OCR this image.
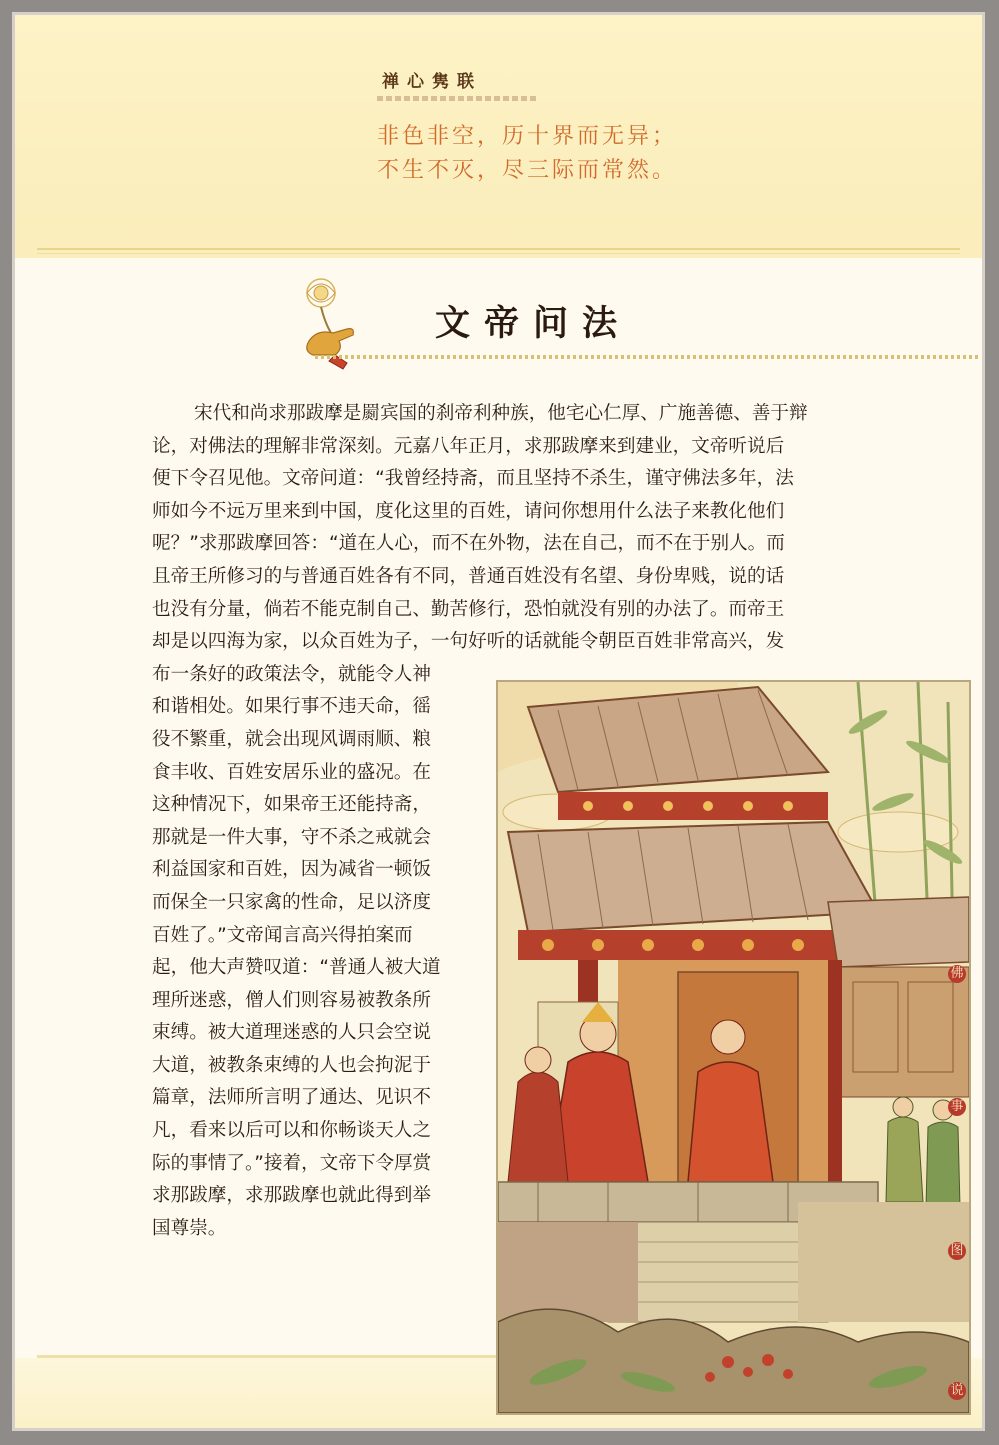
禅心隽联
非色非空，历十界而无异；
不生不灭，尽三际而常然。
文帝问法
宋代和尚求那跋摩是罽宾国的刹帝利种族，他宅心仁厚、广施善德、善于辩
论，对佛法的理解非常深刻。元嘉八年正月，求那跋摩来到建业，文帝听说后
便下令召见他。文帝问道：“我曾经持斋，而且坚持不杀生，谨守佛法多年，法
师如今不远万里来到中国，度化这里的百姓，请问你想用什么法子来教化他们
呢？”求那跋摩回答：“道在人心，而不在外物，法在自己，而不在于别人。而
且帝王所修习的与普通百姓各有不同，普通百姓没有名望、身份卑贱，说的话
也没有分量，倘若不能克制自己、勤苦修行，恐怕就没有别的办法了。而帝王
却是以四海为家，以众百姓为子，一句好听的话就能令朝臣百姓非常高兴，发
布一条好的政策法令，就能令人神
和谐相处。如果行事不违天命，徭
役不繁重，就会出现风调雨顺、粮
食丰收、百姓安居乐业的盛况。在
这种情况下，如果帝王还能持斋，
那就是一件大事，守不杀之戒就会
利益国家和百姓，因为减省一顿饭
而保全一只家禽的性命，足以济度
百姓了。”文帝闻言高兴得拍案而
起，他大声赞叹道：“普通人被大道
理所迷惑，僧人们则容易被教条所
束缚。被大道理迷惑的人只会空说
大道，被教条束缚的人也会拘泥于
篇章，法师所言明了通达、见识不
凡，看来以后可以和你畅谈天人之
际的事情了。”接着，文帝下令厚赏
求那跋摩，求那跋摩也就此得到举
国尊崇。
佛
事
图
说
